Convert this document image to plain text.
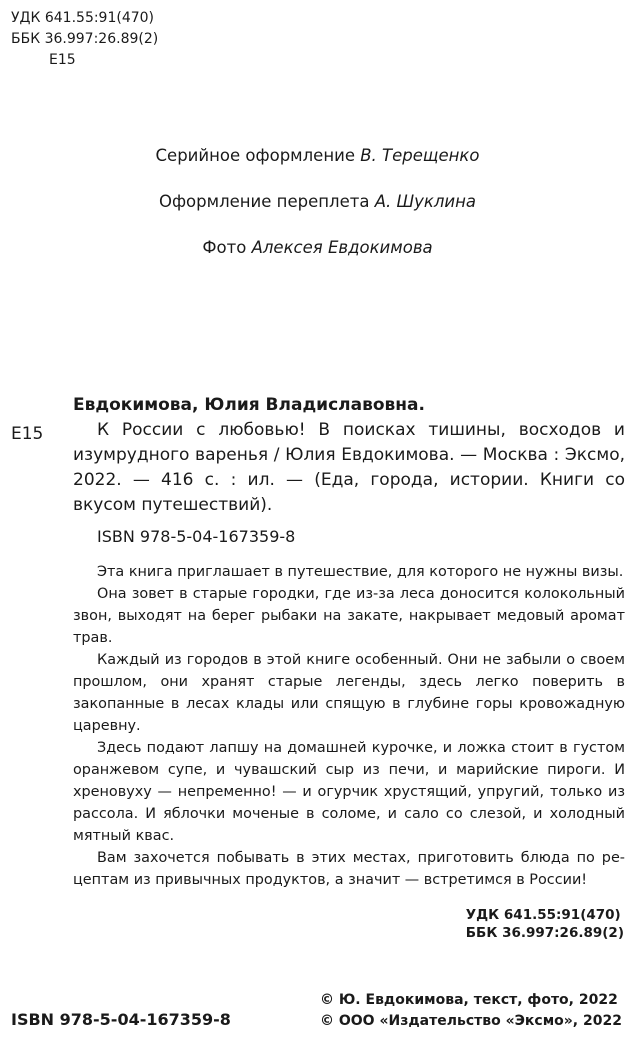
УДК 641.55:91(470)
ББК 36.997:26.89(2)
Е15
Серийное оформление В. Терещенко
Оформление переплета А. Шуклина
Фото Алексея Евдокимова
Евдокимова, Юлия Владиславовна.
Е15	К России с любовью! В поисках тишины, восходов и изумрудного варенья / Юлия Евдокимова. — Москва : Эксмо, 2022. — 416 с. : ил. — (Еда, города, истории. Книги со вкусом путешествий).
ISBN 978-5-04-167359-8

Эта книга приглашает в путешествие, для которого не нужны визы.

Она зовет в старые городки, где из-за леса доносится колокольный звон, выходят на берег рыбаки на закате, накрывает медовый аромат трав.

Каждый из городов в этой книге особенный. Они не забыли о своем прошлом, они хранят старые легенды, здесь легко поверить в закопанные в лесах клады или спящую в глубине горы кровожадную царевну.

Здесь подают лапшу на домашней курочке, и ложка стоит в густом оранжевом супе, и чувашский сыр из печи, и марийские пироги. И хреновуху — непременно! — и огурчик хрустящий, упругий, только из рассола. И яблочки моченые в соломе, и сало со слезой, и холодный мятный квас.

Вам захочется побывать в этих местах, приготовить блюда по рецептам из привычных продуктов, а значит — встретимся в России!

УДК 641.55:91(470)
ББК 36.997:26.89(2)
ISBN 978-5-04-167359-8
© Ю. Евдокимова, текст, фото, 2022
© ООО «Издательство «Эксмо», 2022
